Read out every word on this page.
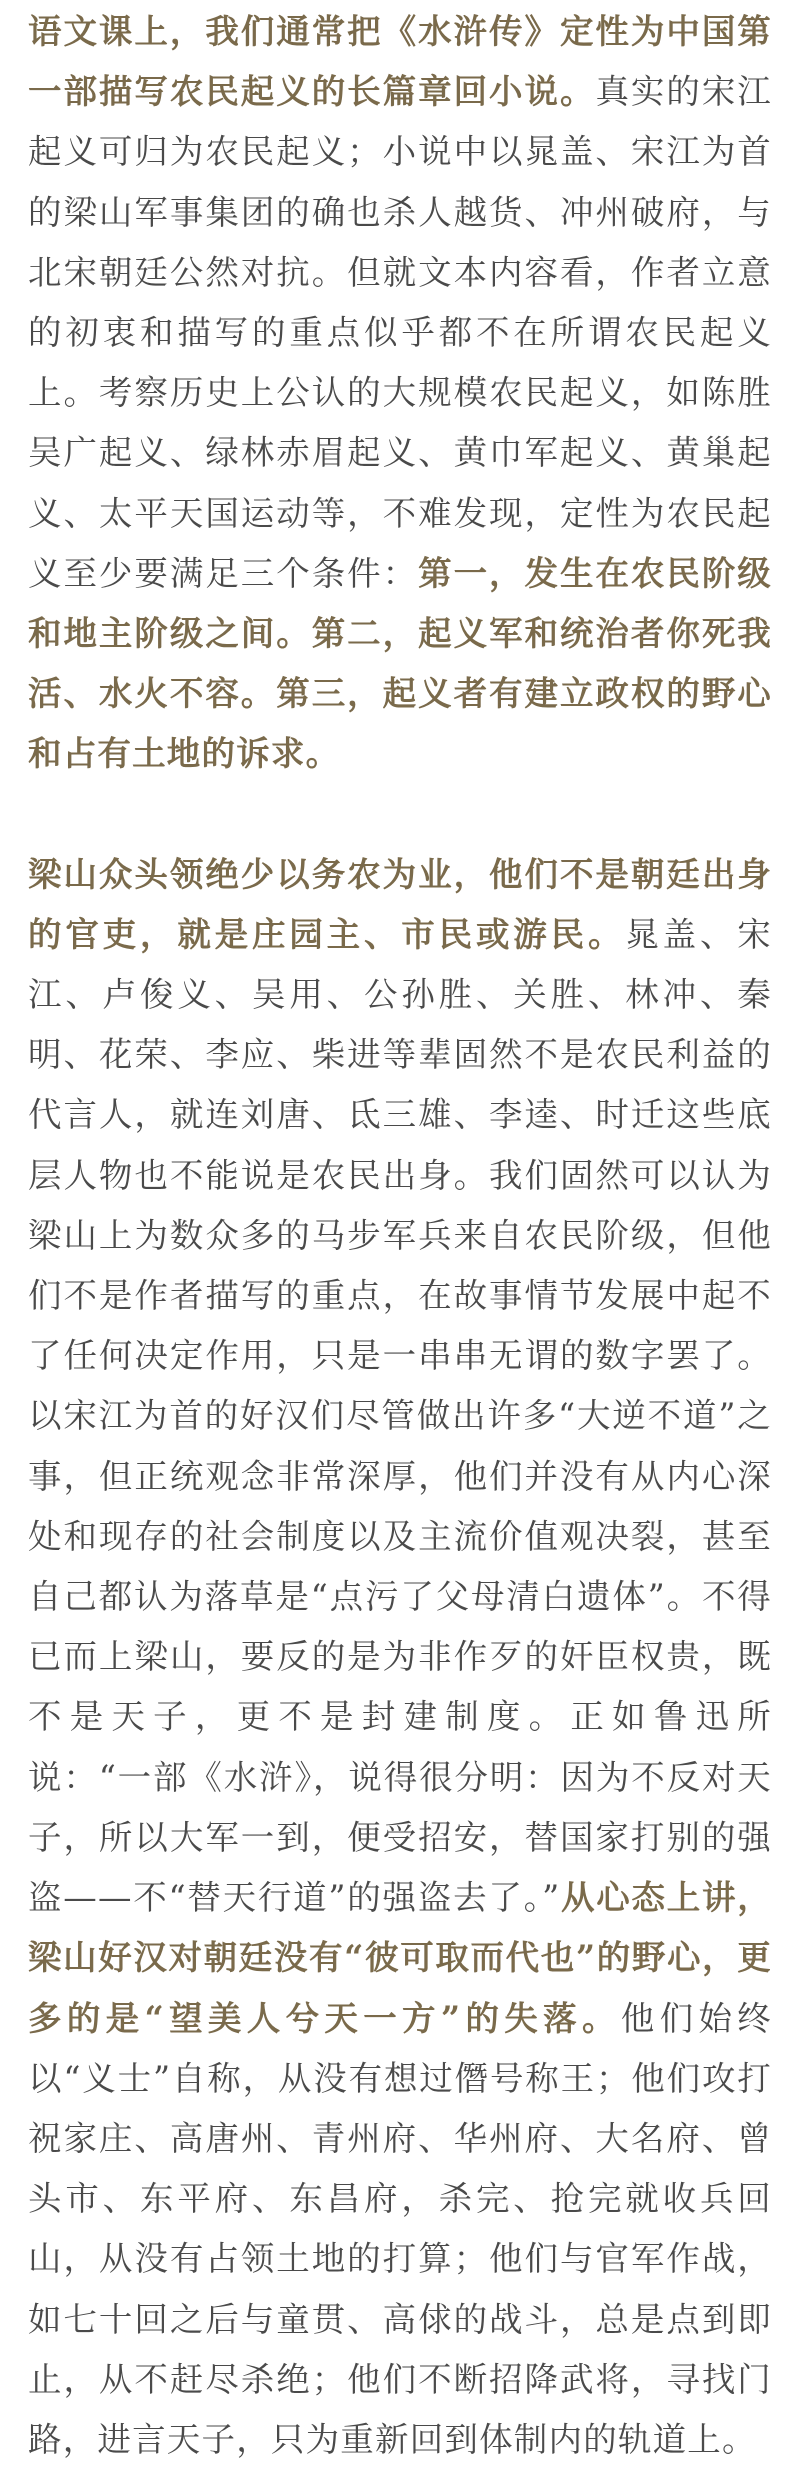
语文课上，我们通常把《水浒传》定性为中国第一部描写农民起义的长篇章回小说。真实的宋江起义可归为农民起义；小说中以晁盖、宋江为首的梁山军事集团的确也杀人越货、冲州破府，与北宋朝廷公然对抗。但就文本内容看，作者立意的初衷和描写的重点似乎都不在所谓农民起义上。考察历史上公认的大规模农民起义，如陈胜吴广起义、绿林赤眉起义、黄巾军起义、黄巢起义、太平天国运动等，不难发现，定性为农民起义至少要满足三个条件：第一，发生在农民阶级和地主阶级之间。第二，起义军和统治者你死我活、水火不容。第三，起义者有建立政权的野心和占有土地的诉求。

梁山众头领绝少以务农为业，他们不是朝廷出身的官吏，就是庄园主、市民或游民。晁盖、宋江、卢俊义、吴用、公孙胜、关胜、林冲、秦明、花荣、李应、柴进等辈固然不是农民利益的代言人，就连刘唐、氐三雄、李逵、时迁这些底层人物也不能说是农民出身。我们固然可以认为梁山上为数众多的马步军兵来自农民阶级，但他们不是作者描写的重点，在故事情节发展中起不了任何决定作用，只是一串串无谓的数字罢了。以宋江为首的好汉们尽管做出许多“大逆不道”之事，但正统观念非常深厚，他们并没有从内心深处和现存的社会制度以及主流价值观决裂，甚至自己都认为落草是“点污了父母清白遗体”。不得已而上梁山，要反的是为非作歹的奸臣权贵，既不是天子，更不是封建制度。正如鲁迅所说：“一部《水浒》，说得很分明：因为不反对天子，所以大军一到，便受招安，替国家打别的强盗——不“替天行道”的强盗去了。”从心态上讲，梁山好汉对朝廷没有“彼可取而代也”的野心，更多的是“望美人兮天一方”的失落。他们始终以“义士”自称，从没有想过僭号称王；他们攻打祝家庄、高唐州、青州府、华州府、大名府、曾头市、东平府、东昌府，杀完、抢完就收兵回山，从没有占领土地的打算；他们与官军作战，如七十回之后与童贯、高俅的战斗，总是点到即止，从不赶尽杀绝；他们不断招降武将，寻找门路，进言天子，只为重新回到体制内的轨道上。
